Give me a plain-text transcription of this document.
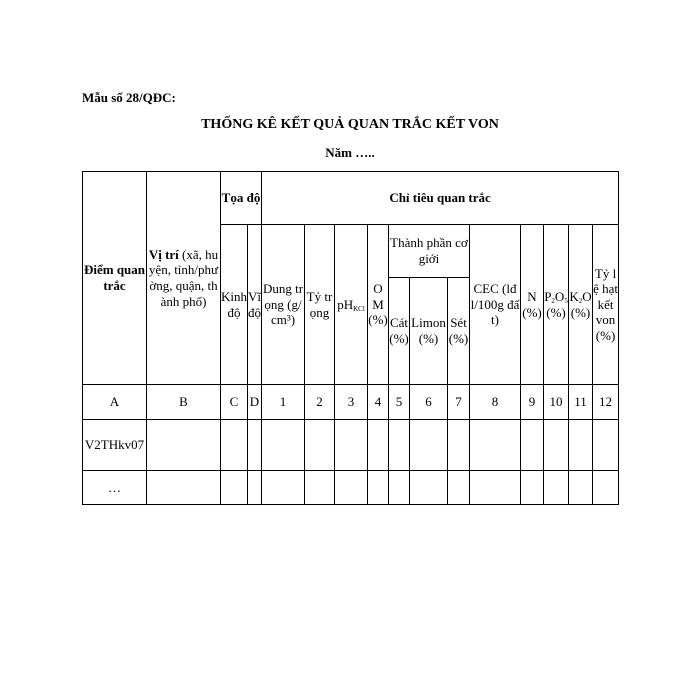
Mẫu số 28/QĐC:
THỐNG KÊ KẾT QUẢ QUAN TRẮC KẾT VON
Năm …..
Điểm quan trắc	Vị trí (xã, huyện, tỉnh/phường, quận, thành phố)	Tọa độ		Chỉ tiêu quan trắc											
		Kinh độ	Vĩ độ	Dung trọng (g/cm³)	Tỷ trọng	$pH_{KCl}$	OM (%)	Thành phần cơ giới			CEC (lđl/100g đất)	N (%)	$P_2O_5(\%)$	$K_2O(\%)$	Tỷ lệ hạt kết von (%)
								Cát (%)	Limon (%)	Sét (%)					
A	B	C	D	1	2	3	4	5	6	7	8	9	10	11	12
V2THkv07															
…															
